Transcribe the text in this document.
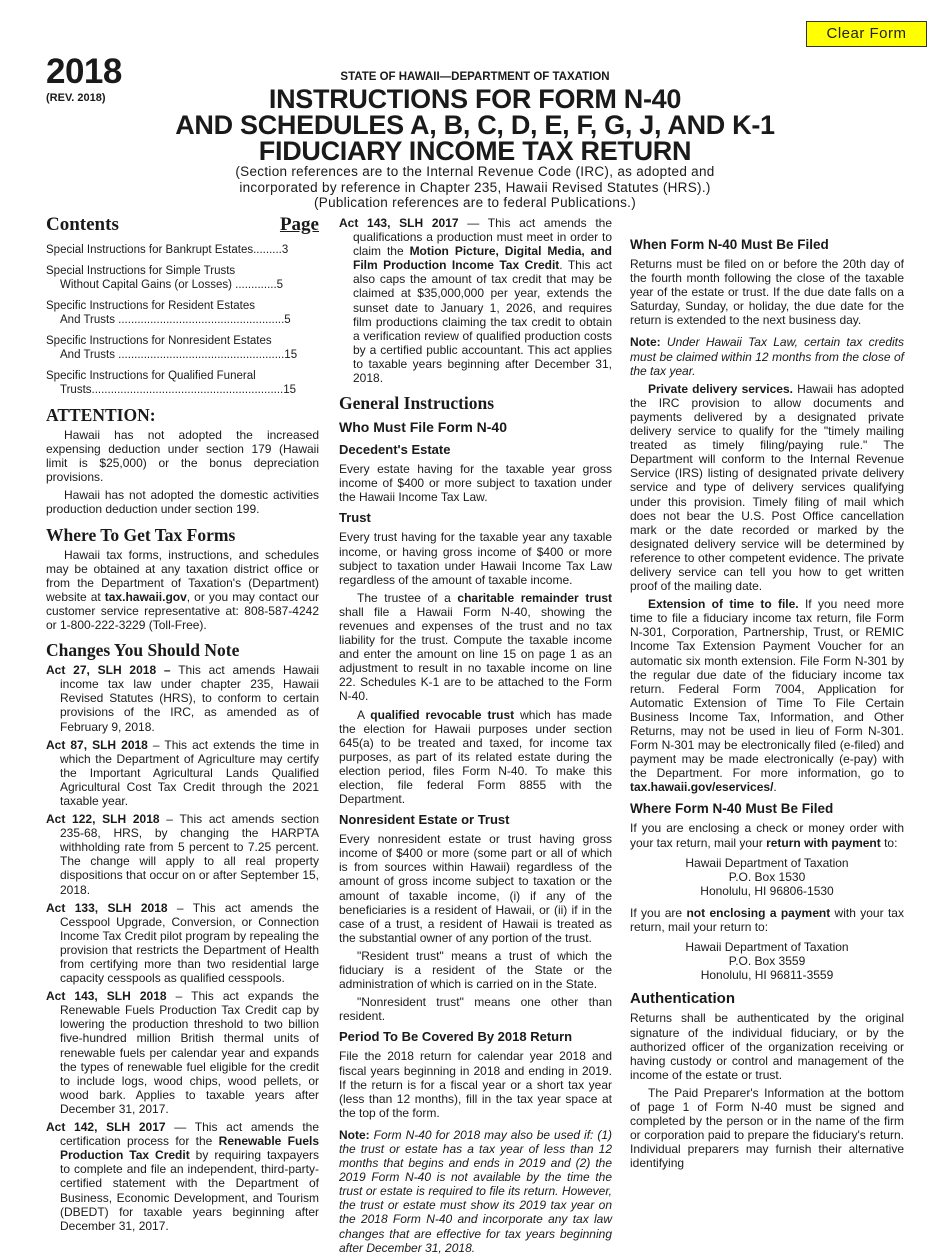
Clear Form
2018
(REV. 2018)
STATE OF HAWAII—DEPARTMENT OF TAXATION
INSTRUCTIONS FOR FORM N-40
AND SCHEDULES A, B, C, D, E, F, G, J, AND K-1
FIDUCIARY INCOME TAX RETURN
(Section references are to the Internal Revenue Code (IRC), as adopted and
incorporated by reference in Chapter 235, Hawaii Revised Statutes (HRS).)
(Publication references are to federal Publications.)
Contents	Page
Special Instructions for Bankrupt Estates.........3
Special Instructions for Simple Trusts
Without Capital Gains (or Losses) .............5
Specific Instructions for Resident Estates
And Trusts ....................................................5
Specific Instructions for Nonresident Estates
And Trusts ....................................................15
Specific Instructions for Qualified Funeral
Trusts............................................................15
ATTENTION:

Hawaii has not adopted the increased expensing deduction under section 179 (Hawaii limit is $25,000) or the bonus depreciation provisions.

Hawaii has not adopted the domestic activities production deduction under section 199.

Where To Get Tax Forms

Hawaii tax forms, instructions, and schedules may be obtained at any taxation district office or from the Department of Taxation's (Department) website at tax.hawaii.gov, or you may contact our customer service representative at: 808-587-4242 or 1-800-222-3229 (Toll-Free).

Changes You Should Note

Act 27, SLH 2018 – This act amends Hawaii income tax law under chapter 235, Hawaii Revised Statutes (HRS), to conform to certain provisions of the IRC, as amended as of February 9, 2018.

Act 87, SLH 2018 – This act extends the time in which the Department of Agriculture may certify the Important Agricultural Lands Qualified Agricultural Cost Tax Credit through the 2021 taxable year.

Act 122, SLH 2018 – This act amends section 235-68, HRS, by changing the HARPTA withholding rate from 5 percent to 7.25 percent. The change will apply to all real property dispositions that occur on or after September 15, 2018.

Act 133, SLH 2018 – This act amends the Cesspool Upgrade, Conversion, or Connection Income Tax Credit pilot program by repealing the provision that restricts the Department of Health from certifying more than two residential large capacity cesspools as qualified cesspools.

Act 143, SLH 2018 – This act expands the Renewable Fuels Production Tax Credit cap by lowering the production threshold to two billion five-hundred million British thermal units of renewable fuels per calendar year and expands the types of renewable fuel eligible for the credit to include logs, wood chips, wood pellets, or wood bark. Applies to taxable years after December 31, 2017.

Act 142, SLH 2017 — This act amends the certification process for the Renewable Fuels Production Tax Credit by requiring taxpayers to complete and file an independent, third-party-certified statement with the Department of Business, Economic Development, and Tourism (DBEDT) for taxable years beginning after December 31, 2017.

Act 143, SLH 2017 — This act amends the qualifications a production must meet in order to claim the Motion Picture, Digital Media, and Film Production Income Tax Credit. This act also caps the amount of tax credit that may be claimed at $35,000,000 per year, extends the sunset date to January 1, 2026, and requires film productions claiming the tax credit to obtain a verification review of qualified production costs by a certified public accountant. This act applies to taxable years beginning after December 31, 2018.

General Instructions
Who Must File Form N-40
Decedent's Estate

Every estate having for the taxable year gross income of $400 or more subject to taxation under the Hawaii Income Tax Law.

Trust

Every trust having for the taxable year any taxable income, or having gross income of $400 or more subject to taxation under Hawaii Income Tax Law regardless of the amount of taxable income.

The trustee of a charitable remainder trust shall file a Hawaii Form N-40, showing the revenues and expenses of the trust and no tax liability for the trust. Compute the taxable income and enter the amount on line 15 on page 1 as an adjustment to result in no taxable income on line 22. Schedules K-1 are to be attached to the Form N-40.

A qualified revocable trust which has made the election for Hawaii purposes under section 645(a) to be treated and taxed, for income tax purposes, as part of its related estate during the election period, files Form N-40. To make this election, file federal Form 8855 with the Department.

Nonresident Estate or Trust

Every nonresident estate or trust having gross income of $400 or more (some part or all of which is from sources within Hawaii) regardless of the amount of gross income subject to taxation or the amount of taxable income, (i) if any of the beneficiaries is a resident of Hawaii, or (ii) if in the case of a trust, a resident of Hawaii is treated as the substantial owner of any portion of the trust.

"Resident trust" means a trust of which the fiduciary is a resident of the State or the administration of which is carried on in the State.

"Nonresident trust" means one other than resident.

Period To Be Covered By 2018 Return

File the 2018 return for calendar year 2018 and fiscal years beginning in 2018 and ending in 2019. If the return is for a fiscal year or a short tax year (less than 12 months), fill in the tax year space at the top of the form.

Note: Form N-40 for 2018 may also be used if: (1) the trust or estate has a tax year of less than 12 months that begins and ends in 2019 and (2) the 2019 Form N-40 is not available by the time the trust or estate is required to file its return. However, the trust or estate must show its 2019 tax year on the 2018 Form N-40 and incorporate any tax law changes that are effective for tax years beginning after December 31, 2018.

When Form N-40 Must Be Filed

Returns must be filed on or before the 20th day of the fourth month following the close of the taxable year of the estate or trust. If the due date falls on a Saturday, Sunday, or holiday, the due date for the return is extended to the next business day.

Note: Under Hawaii Tax Law, certain tax credits must be claimed within 12 months from the close of the tax year.

Private delivery services. Hawaii has adopted the IRC provision to allow documents and payments delivered by a designated private delivery service to qualify for the "timely mailing treated as timely filing/paying rule." The Department will conform to the Internal Revenue Service (IRS) listing of designated private delivery service and type of delivery services qualifying under this provision. Timely filing of mail which does not bear the U.S. Post Office cancellation mark or the date recorded or marked by the designated delivery service will be determined by reference to other competent evidence. The private delivery service can tell you how to get written proof of the mailing date.

Extension of time to file. If you need more time to file a fiduciary income tax return, file Form N-301, Corporation, Partnership, Trust, or REMIC Income Tax Extension Payment Voucher for an automatic six month extension. File Form N-301 by the regular due date of the fiduciary income tax return. Federal Form 7004, Application for Automatic Extension of Time To File Certain Business Income Tax, Information, and Other Returns, may not be used in lieu of Form N-301. Form N-301 may be electronically filed (e-filed) and payment may be made electronically (e-pay) with the Department. For more information, go to tax.hawaii.gov/eservices/.

Where Form N-40 Must Be Filed

If you are enclosing a check or money order with your tax return, mail your return with payment to:

Hawaii Department of Taxation
P.O. Box 1530
Honolulu, HI 96806-1530

If you are not enclosing a payment with your tax return, mail your return to:

Hawaii Department of Taxation
P.O. Box 3559
Honolulu, HI 96811-3559
Authentication

Returns shall be authenticated by the original signature of the individual fiduciary, or by the authorized officer of the organization receiving or having custody or control and management of the income of the estate or trust.

The Paid Preparer's Information at the bottom of page 1 of Form N-40 must be signed and completed by the person or in the name of the firm or corporation paid to prepare the fiduciary's return. Individual preparers may furnish their alternative identifying
